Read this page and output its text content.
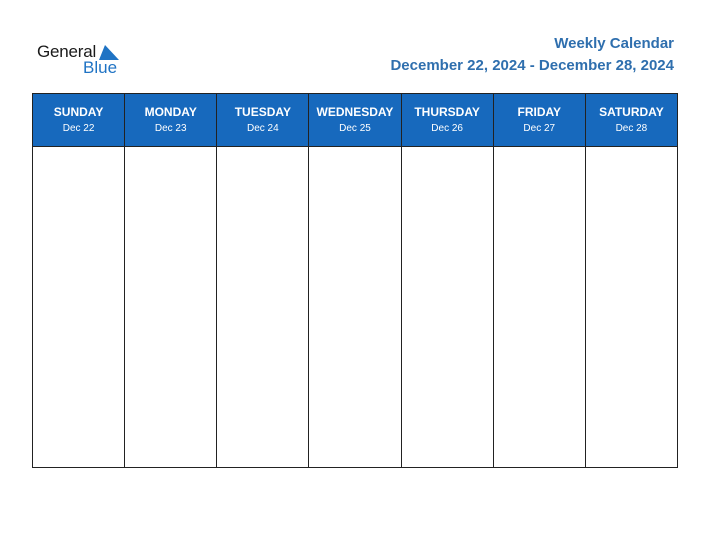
General
Blue
Weekly Calendar
December 22, 2024 - December 28, 2024
SUNDAY
Dec 22
MONDAY
Dec 23
TUESDAY
Dec 24
WEDNESDAY
Dec 25
THURSDAY
Dec 26
FRIDAY
Dec 27
SATURDAY
Dec 28
